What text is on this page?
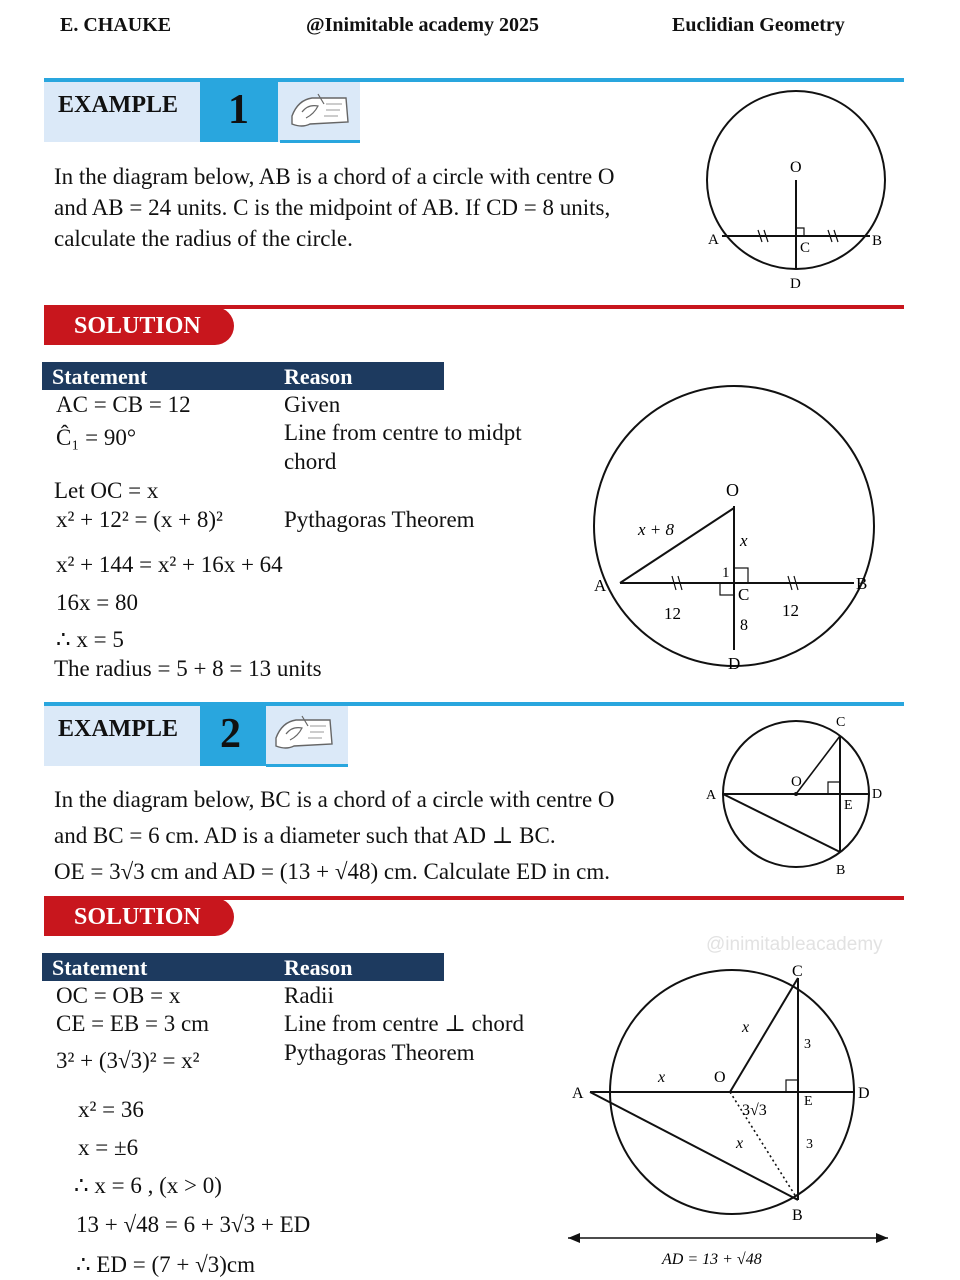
E. CHAUKE	@Inimitable academy 2025	Euclidian Geometry
EXAMPLE 1
In the diagram below, AB is a chord of a circle with centre O
and AB = 24 units. C is the midpoint of AB. If CD = 8 units,
calculate the radius of the circle.
O
A	B
C
D
SOLUTION
Statement	Reason
AC = CB = 12	Given
Ĉ₁ = 90°	Line from centre to midpt
chord
Let OC = x
x² + 12² = (x + 8)²	Pythagoras Theorem
x² + 144 = x² + 16x + 64
16x = 80
∴ x = 5
The radius = 5 + 8 = 13 units
O
A	B
C
D
1
x + 8
x
12	12
8
EXAMPLE 2
In the diagram below, BC is a chord of a circle with centre O
and BC = 6 cm. AD is a diameter such that AD ⊥ BC.
OE = 3√3 cm and AD = (13 + √48) cm. Calculate ED in cm.
O
A	D
C
B
E
SOLUTION
@inimitableacademy
Statement	Reason
OC = OB = x	Radii
CE = EB = 3 cm	Line from centre ⊥ chord
3² + (3√3)² = x²	Pythagoras Theorem
x² = 36
x = ±6
∴ x = 6 , (x > 0)
13 + √48 = 6 + 3√3 + ED
∴ ED = (7 + √3)cm
O
A	D
C
B
E
x
x
x
3
3
3√3
AD = 13 + √48
